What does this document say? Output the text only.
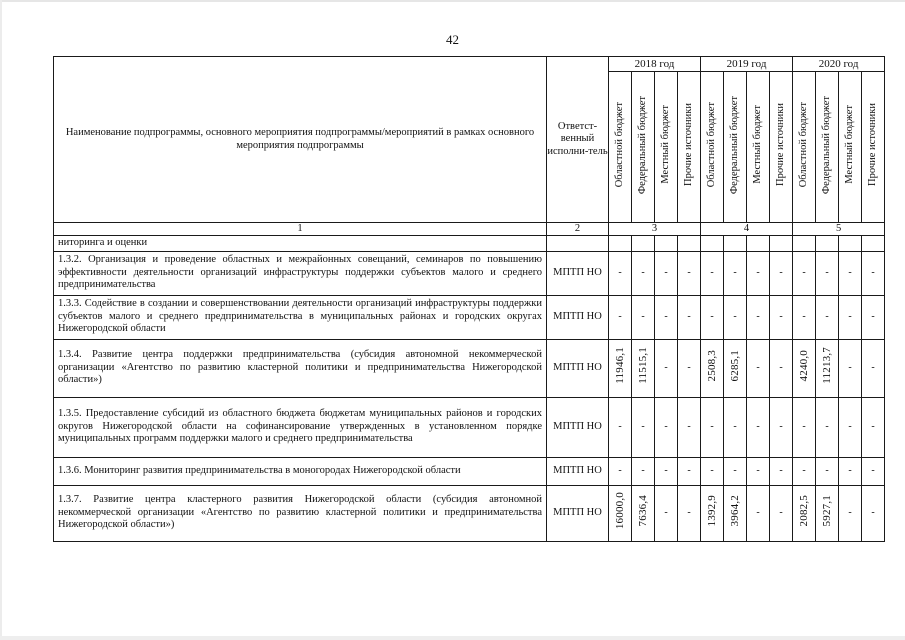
42
Наименование подпрограммы, основного мероприятия подпрограммы/мероприятий в рамках основного мероприятия подпрограммы	Ответст-венный исполни-тель	2018 год				2019 год				2020 год			
		Областной бюджет	Федеральный бюджет	Местный бюджет	Прочие источники	Областной бюджет	Федеральный бюджет	Местный бюджет	Прочие источники	Областной бюджет	Федеральный бюджет	Местный бюджет	Прочие источники
1	2	3				4				5			
ниторинга и оценки													
1.3.2. Организация и проведение областных и межрайонных совещаний, семинаров по повышению эффективности деятельности организаций инфраструктуры поддержки субъектов малого и среднего предпринимательства	МПТП НО	-	-	-	-	-	-	-	-	-	-	-	-
1.3.3. Содействие в создании и совершенствовании деятельности организаций инфраструктуры поддержки субъектов малого и среднего предпринимательства в муниципальных районах и городских округах Нижегородской области	МПТП НО	-	-	-	-	-	-	-	-	-	-	-	-
1.3.4. Развитие центра поддержки предпринимательства (субсидия автономной некоммерческой организации «Агентство по развитию кластерной политики и предпринимательства Нижегородской области»)	МПТП НО	11946,1	11515,1	-	-	2508,3	6285,1	-	-	4240,0	11213,7	-	-
1.3.5. Предоставление субсидий из областного бюджета бюджетам муниципальных районов и городских округов Нижегородской области на софинансирование утвержденных в установленном порядке муниципальных программ поддержки малого и среднего предпринимательства	МПТП НО	-	-	-	-	-	-	-	-	-	-	-	-
1.3.6. Мониторинг развития предпринимательства в моногородах Нижегородской области	МПТП НО	-	-	-	-	-	-	-	-	-	-	-	-
1.3.7. Развитие центра кластерного развития Нижегородской области (субсидия автономной некоммерческой организации «Агентство по развитию кластерной политики и предпринимательства Нижегородской области»)	МПТП НО	16000,0	7636,4	-	-	1392,9	3964,2	-	-	2082,5	5927,1	-	-
